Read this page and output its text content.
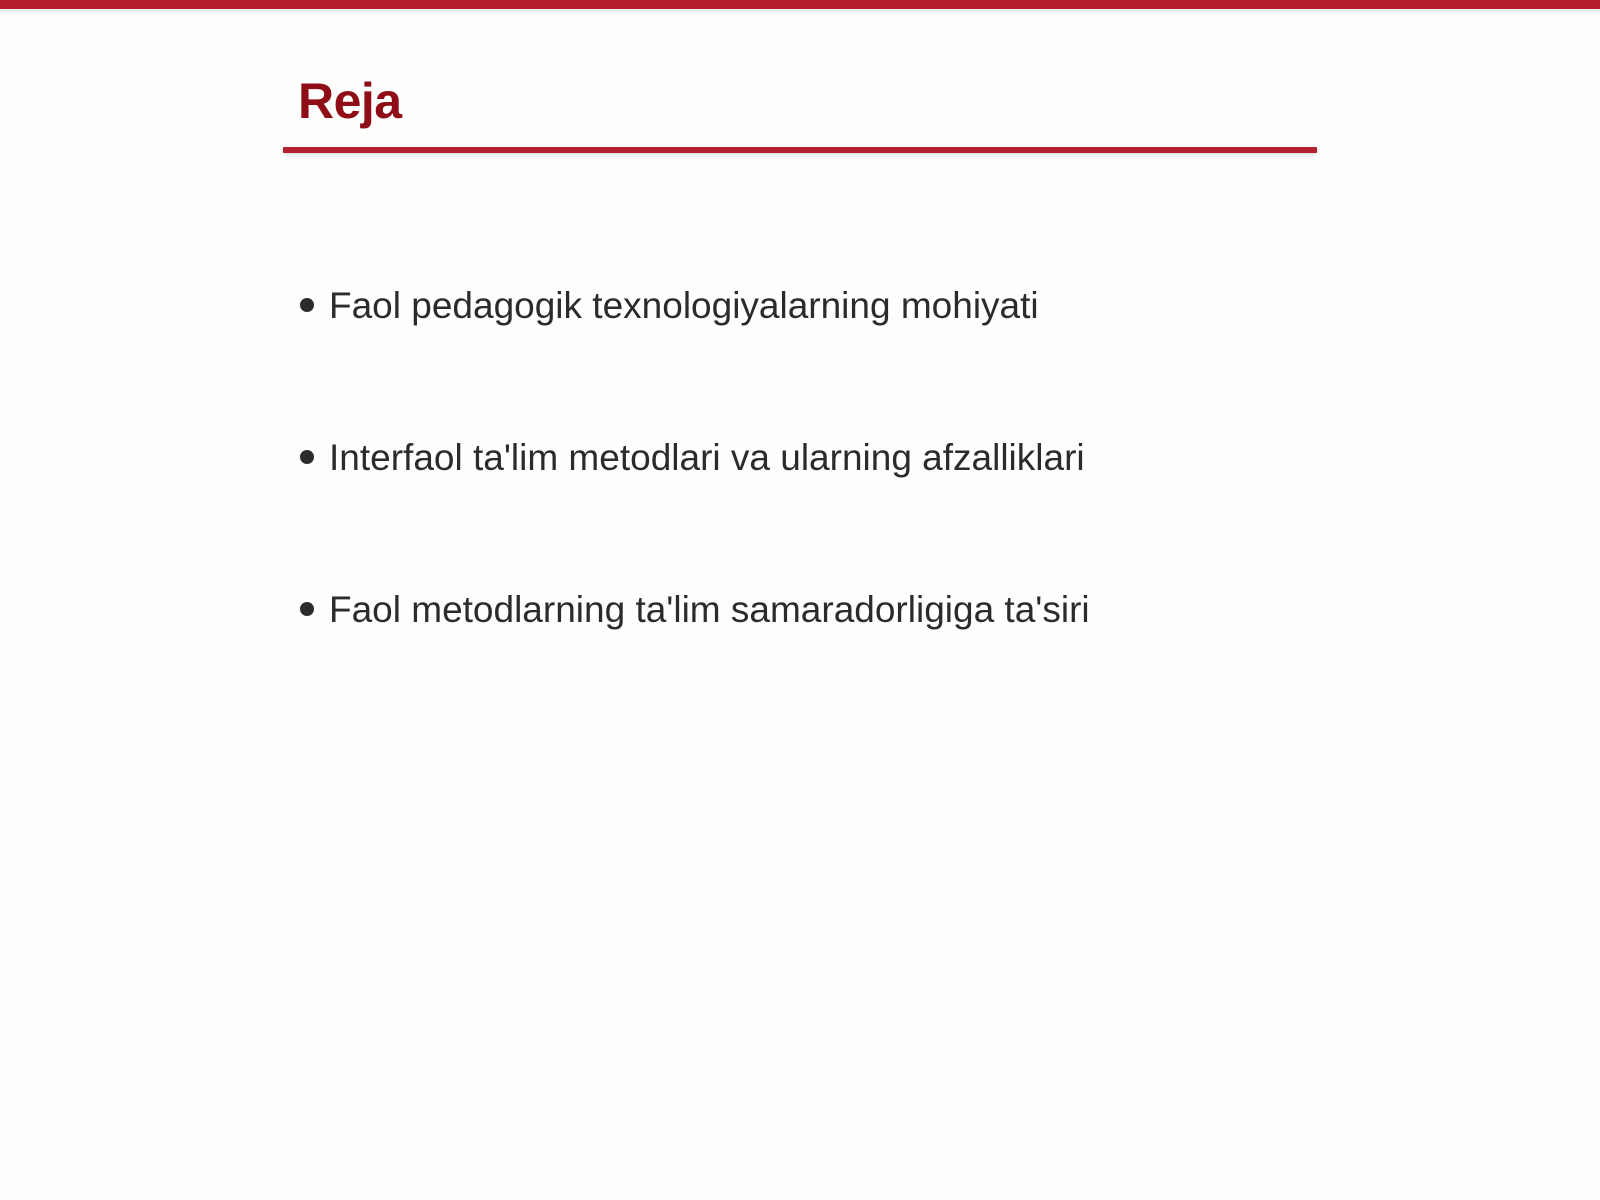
Reja
Faol pedagogik texnologiyalarning mohiyati
Interfaol ta'lim metodlari va ularning afzalliklari
Faol metodlarning ta'lim samaradorligiga ta'siri
